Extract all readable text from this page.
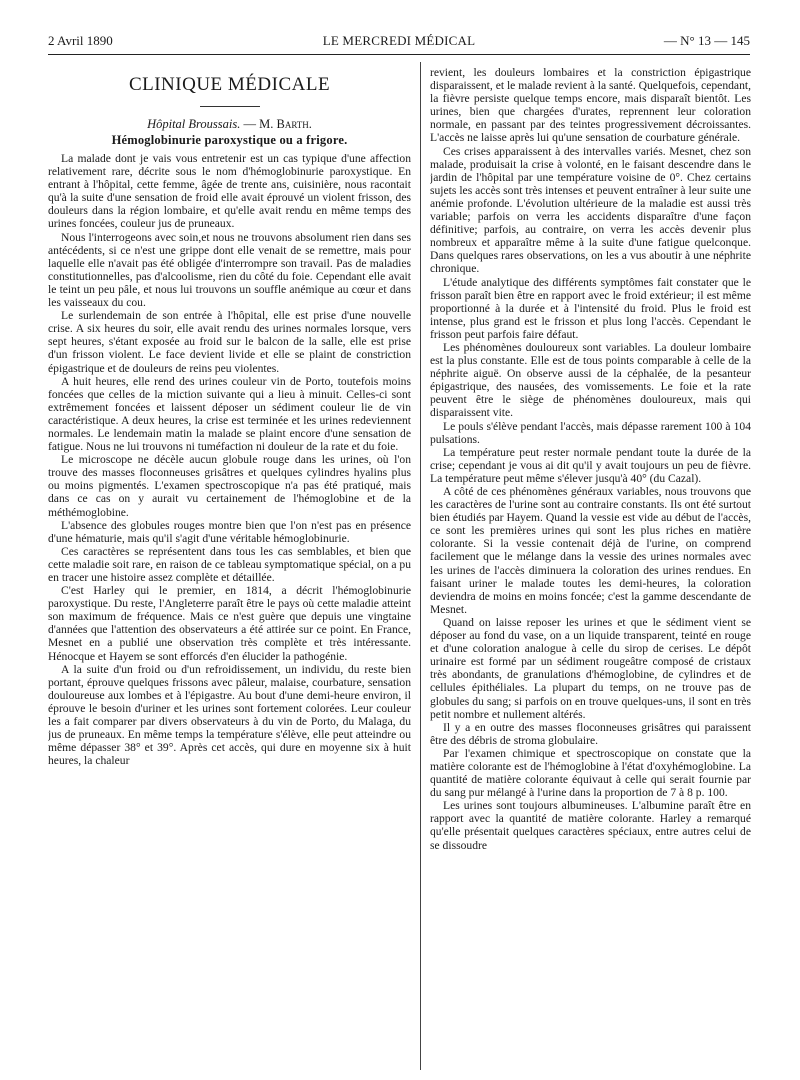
2 Avril 1890	LE MERCREDI MÉDICAL	— N° 13 — 145
CLINIQUE MÉDICALE
Hôpital Broussais. — M. Barth.
Hémoglobinurie paroxystique ou a frigore.

La malade dont je vais vous entretenir est un cas typique d'une affection relativement rare, décrite sous le nom d'hémoglobinurie paroxystique. En entrant à l'hôpital, cette femme, âgée de trente ans, cuisinière, nous racontait qu'à la suite d'une sensation de froid elle avait éprouvé un violent frisson, des douleurs dans la région lombaire, et qu'elle avait rendu en même temps des urines foncées, couleur jus de pruneaux.

Nous l'interrogeons avec soin,et nous ne trouvons absolument rien dans ses antécédents, si ce n'est une grippe dont elle venait de se remettre, mais pour laquelle elle n'avait pas été obligée d'interrompre son travail. Pas de maladies constitutionnelles, pas d'alcoolisme, rien du côté du foie. Cependant elle avait le teint un peu pâle, et nous lui trouvons un souffle anémique au cœur et dans les vaisseaux du cou.

Le surlendemain de son entrée à l'hôpital, elle est prise d'une nouvelle crise. A six heures du soir, elle avait rendu des urines normales lorsque, vers sept heures, s'étant exposée au froid sur le balcon de la salle, elle est prise d'un frisson violent. Le face devient livide et elle se plaint de constriction épigastrique et de douleurs de reins peu violentes.

A huit heures, elle rend des urines couleur vin de Porto, toutefois moins foncées que celles de la miction suivante qui a lieu à minuit. Celles-ci sont extrêmement foncées et laissent déposer un sédiment couleur lie de vin caractéristique. A deux heures, la crise est terminée et les urines redeviennent normales. Le lendemain matin la malade se plaint encore d'une sensation de fatigue. Nous ne lui trouvons ni tuméfaction ni douleur de la rate et du foie.

Le microscope ne décèle aucun globule rouge dans les urines, où l'on trouve des masses floconneuses grisâtres et quelques cylindres hyalins plus ou moins pigmentés. L'examen spectroscopique n'a pas été pratiqué, mais dans ce cas on y aurait vu certainement de l'hémoglobine et de la méthémoglobine.

L'absence des globules rouges montre bien que l'on n'est pas en présence d'une hématurie, mais qu'il s'agit d'une véritable hémoglobinurie.

Ces caractères se représentent dans tous les cas semblables, et bien que cette maladie soit rare, en raison de ce tableau symptomatique spécial, on a pu en tracer une histoire assez complète et détaillée.

C'est Harley qui le premier, en 1814, a décrit l'hémoglobinurie paroxystique. Du reste, l'Angleterre paraît être le pays où cette maladie atteint son maximum de fréquence. Mais ce n'est guère que depuis une vingtaine d'années que l'attention des observateurs a été attirée sur ce point. En France, Mesnet en a publié une observation très complète et très intéressante. Hénocque et Hayem se sont efforcés d'en élucider la pathogénie.

A la suite d'un froid ou d'un refroidissement, un individu, du reste bien portant, éprouve quelques frissons avec pâleur, malaise, courbature, sensation douloureuse aux lombes et à l'épigastre. Au bout d'une demi-heure environ, il éprouve le besoin d'uriner et les urines sont fortement colorées. Leur couleur les a fait comparer par divers observateurs à du vin de Porto, du Malaga, du jus de pruneaux. En même temps la température s'élève, elle peut atteindre ou même dépasser 38° et 39°. Après cet accès, qui dure en moyenne six à huit heures, la chaleur

revient, les douleurs lombaires et la constriction épigastrique disparaissent, et le malade revient à la santé. Quelquefois, cependant, la fièvre persiste quelque temps encore, mais disparaît bientôt. Les urines, bien que chargées d'urates, reprennent leur coloration normale, en passant par des teintes progressivement décroissantes. L'accès ne laisse après lui qu'une sensation de courbature générale.

Ces crises apparaissent à des intervalles variés. Mesnet, chez son malade, produisait la crise à volonté, en le faisant descendre dans le jardin de l'hôpital par une température voisine de 0°. Chez certains sujets les accès sont très intenses et peuvent entraîner à leur suite une anémie profonde. L'évolution ultérieure de la maladie est aussi très variable; parfois on verra les accidents disparaître d'une façon définitive; parfois, au contraire, on verra les accès devenir plus nombreux et apparaître même à la suite d'une fatigue quelconque. Dans quelques rares observations, on les a vus aboutir à une néphrite chronique.

L'étude analytique des différents symptômes fait constater que le frisson paraît bien être en rapport avec le froid extérieur; il est même proportionné à la durée et à l'intensité du froid. Plus le froid est intense, plus grand est le frisson et plus long l'accès. Cependant le frisson peut parfois faire défaut.

Les phénomènes douloureux sont variables. La douleur lombaire est la plus constante. Elle est de tous points comparable à celle de la néphrite aiguë. On observe aussi de la céphalée, de la pesanteur épigastrique, des nausées, des vomissements. Le foie et la rate peuvent être le siège de phénomènes douloureux, mais qui disparaissent vite.

Le pouls s'élève pendant l'accès, mais dépasse rarement 100 à 104 pulsations.

La température peut rester normale pendant toute la durée de la crise; cependant je vous ai dit qu'il y avait toujours un peu de fièvre. La température peut même s'élever jusqu'à 40° (du Cazal).

A côté de ces phénomènes généraux variables, nous trouvons que les caractères de l'urine sont au contraire constants. Ils ont été surtout bien étudiés par Hayem. Quand la vessie est vide au début de l'accès, ce sont les premières urines qui sont les plus riches en matière colorante. Si la vessie contenait déjà de l'urine, on comprend facilement que le mélange dans la vessie des urines normales avec les urines de l'accès diminuera la coloration des urines rendues. En faisant uriner le malade toutes les demi-heures, la coloration deviendra de moins en moins foncée; c'est la gamme descendante de Mesnet.

Quand on laisse reposer les urines et que le sédiment vient se déposer au fond du vase, on a un liquide transparent, teinté en rouge et d'une coloration analogue à celle du sirop de cerises. Le dépôt urinaire est formé par un sédiment rougeâtre composé de cristaux très abondants, de granulations d'hémoglobine, de cylindres et de cellules épithéliales. La plupart du temps, on ne trouve pas de globules du sang; si parfois on en trouve quelques-uns, il sont en très petit nombre et nullement altérés.

Il y a en outre des masses floconneuses grisâtres qui paraissent être des débris de stroma globulaire.

Par l'examen chimique et spectroscopique on constate que la matière colorante est de l'hémoglobine à l'état d'oxyhémoglobine. La quantité de matière colorante équivaut à celle qui serait fournie par du sang pur mélangé à l'urine dans la proportion de 7 à 8 p. 100.

Les urines sont toujours albumineuses. L'albumine paraît être en rapport avec la quantité de matière colorante. Harley a remarqué qu'elle présentait quelques caractères spéciaux, entre autres celui de se dissoudre
